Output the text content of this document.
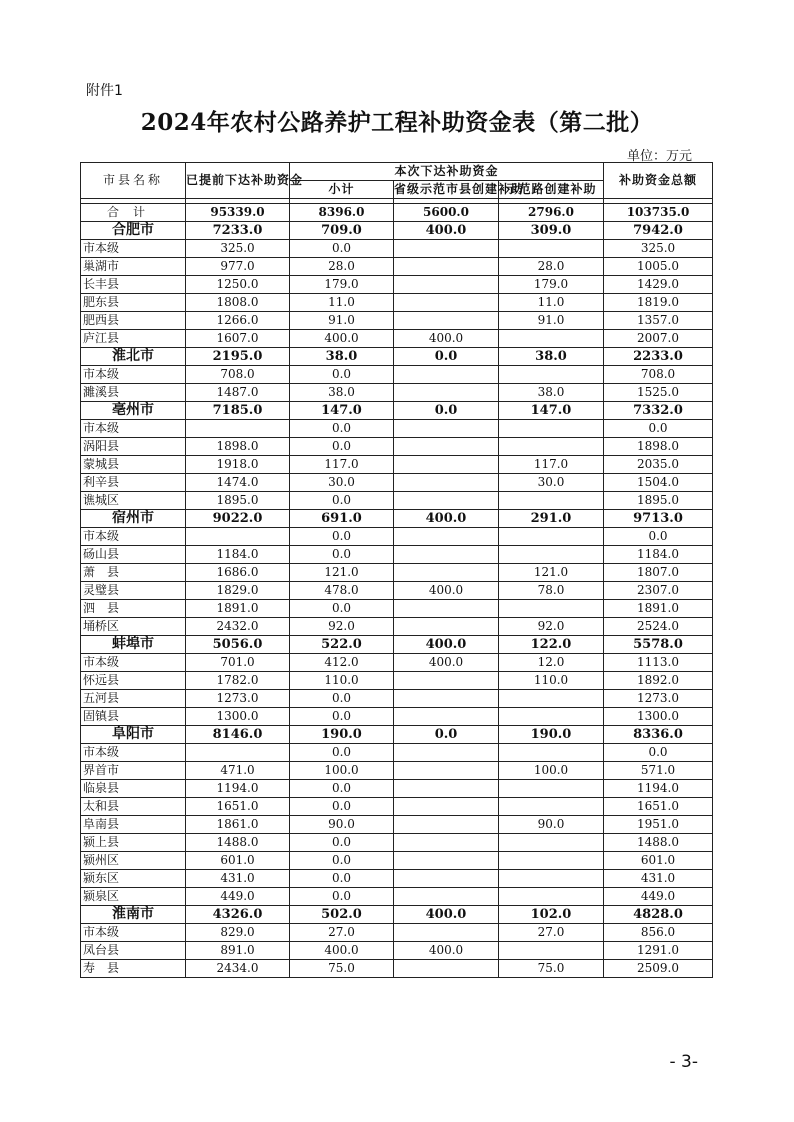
附件1
2024年农村公路养护工程补助资金表（第二批）
单位：万元
市县名称	已提前下达补助资金	本次下达补助资金			补助资金总额
		小计	省级示范市县创建补助	示范路创建补助	

合计	95339.0	8396.0	5600.0	2796.0	103735.0
合肥市	7233.0	709.0	400.0	309.0	7942.0
市本级	325.0	0.0			325.0
巢湖市	977.0	28.0		28.0	1005.0
长丰县	1250.0	179.0		179.0	1429.0
肥东县	1808.0	11.0		11.0	1819.0
肥西县	1266.0	91.0		91.0	1357.0
庐江县	1607.0	400.0	400.0		2007.0
淮北市	2195.0	38.0	0.0	38.0	2233.0
市本级	708.0	0.0			708.0
濉溪县	1487.0	38.0		38.0	1525.0
亳州市	7185.0	147.0	0.0	147.0	7332.0
市本级		0.0			0.0
涡阳县	1898.0	0.0			1898.0
蒙城县	1918.0	117.0		117.0	2035.0
利辛县	1474.0	30.0		30.0	1504.0
谯城区	1895.0	0.0			1895.0
宿州市	9022.0	691.0	400.0	291.0	9713.0
市本级		0.0			0.0
砀山县	1184.0	0.0			1184.0
萧　县	1686.0	121.0		121.0	1807.0
灵璧县	1829.0	478.0	400.0	78.0	2307.0
泗　县	1891.0	0.0			1891.0
埇桥区	2432.0	92.0		92.0	2524.0
蚌埠市	5056.0	522.0	400.0	122.0	5578.0
市本级	701.0	412.0	400.0	12.0	1113.0
怀远县	1782.0	110.0		110.0	1892.0
五河县	1273.0	0.0			1273.0
固镇县	1300.0	0.0			1300.0
阜阳市	8146.0	190.0	0.0	190.0	8336.0
市本级		0.0			0.0
界首市	471.0	100.0		100.0	571.0
临泉县	1194.0	0.0			1194.0
太和县	1651.0	0.0			1651.0
阜南县	1861.0	90.0		90.0	1951.0
颍上县	1488.0	0.0			1488.0
颍州区	601.0	0.0			601.0
颍东区	431.0	0.0			431.0
颍泉区	449.0	0.0			449.0
淮南市	4326.0	502.0	400.0	102.0	4828.0
市本级	829.0	27.0		27.0	856.0
凤台县	891.0	400.0	400.0		1291.0
寿　县	2434.0	75.0		75.0	2509.0
- 3-
